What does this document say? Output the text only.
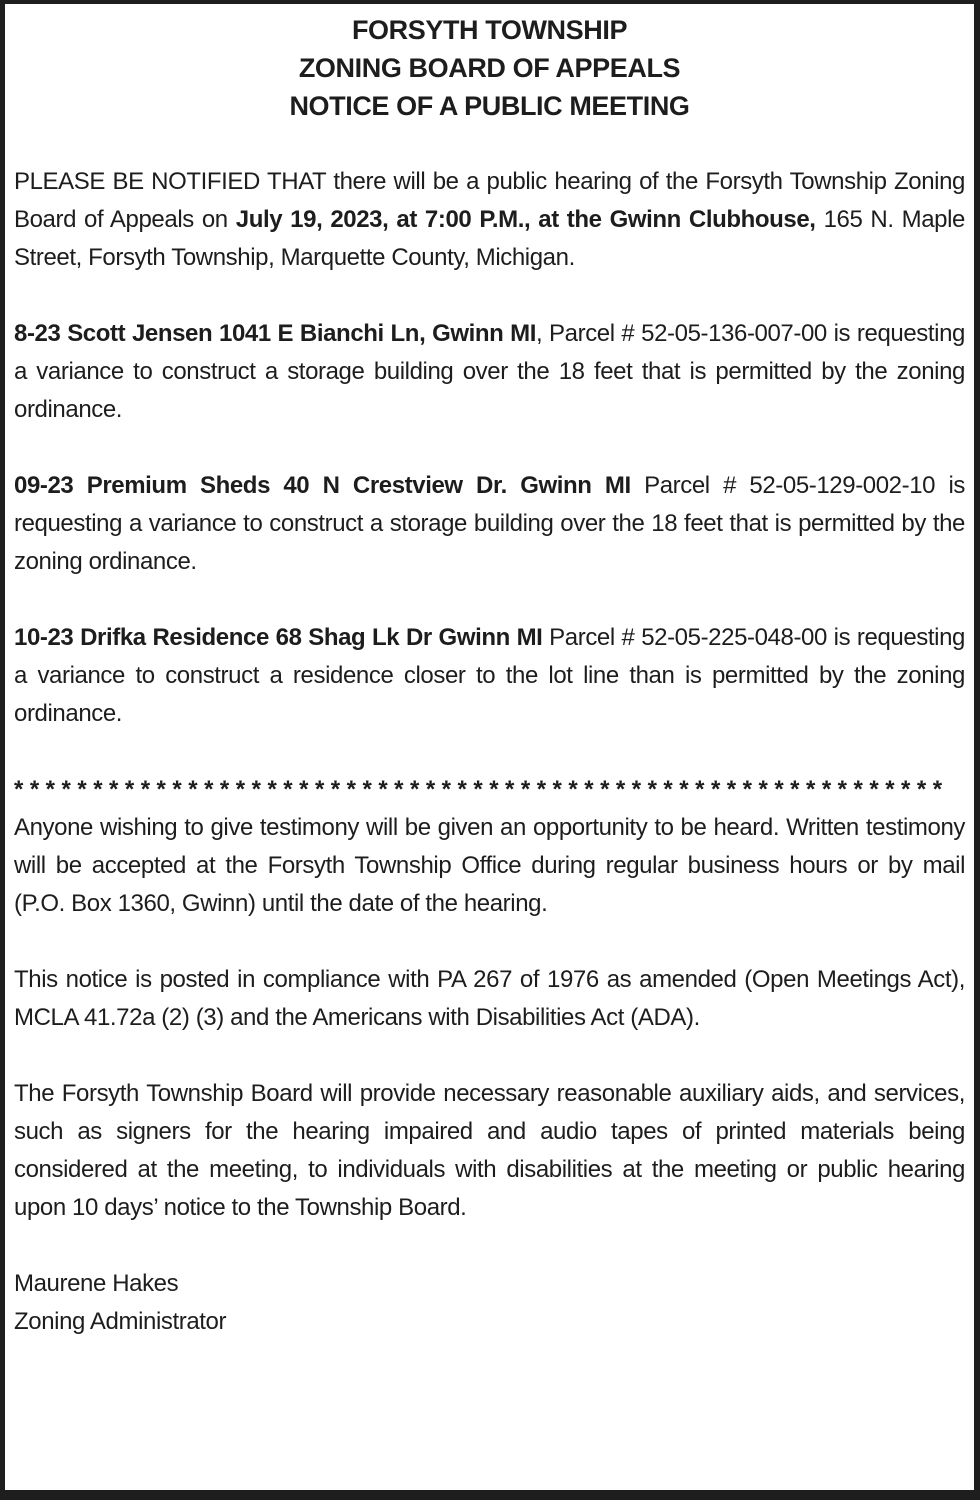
FORSYTH TOWNSHIP
ZONING BOARD OF APPEALS
NOTICE OF A PUBLIC MEETING

PLEASE BE NOTIFIED THAT there will be a public hearing of the Forsyth Township Zoning Board of Appeals on July 19, 2023, at 7:00 P.M., at the Gwinn Clubhouse, 165 N. Maple Street, Forsyth Township, Marquette County, Michigan.

8-23 Scott Jensen 1041 E Bianchi Ln, Gwinn MI, Parcel # 52-05-136-007-00 is requesting a variance to construct a storage building over the 18 feet that is permitted by the zoning ordinance.

09-23 Premium Sheds 40 N Crestview Dr. Gwinn MI Parcel # 52-05-129-002-10 is requesting a variance to construct a storage building over the 18 feet that is permitted by the zoning ordinance.

10-23 Drifka Residence 68 Shag Lk Dr Gwinn MI Parcel # 52-05-225-048-00 is requesting a variance to construct a residence closer to the lot line than is permitted by the zoning ordinance.

***********************************************************

Anyone wishing to give testimony will be given an opportunity to be heard. Written testimony will be accepted at the Forsyth Township Office during regular business hours or by mail (P.O. Box 1360, Gwinn) until the date of the hearing.

This notice is posted in compliance with PA 267 of 1976 as amended (Open Meetings Act), MCLA 41.72a (2) (3) and the Americans with Disabilities Act (ADA).

The Forsyth Township Board will provide necessary reasonable auxiliary aids, and services, such as signers for the hearing impaired and audio tapes of printed materials being considered at the meeting, to individuals with disabilities at the meeting or public hearing upon 10 days’ notice to the Township Board.

Maurene Hakes
Zoning Administrator
